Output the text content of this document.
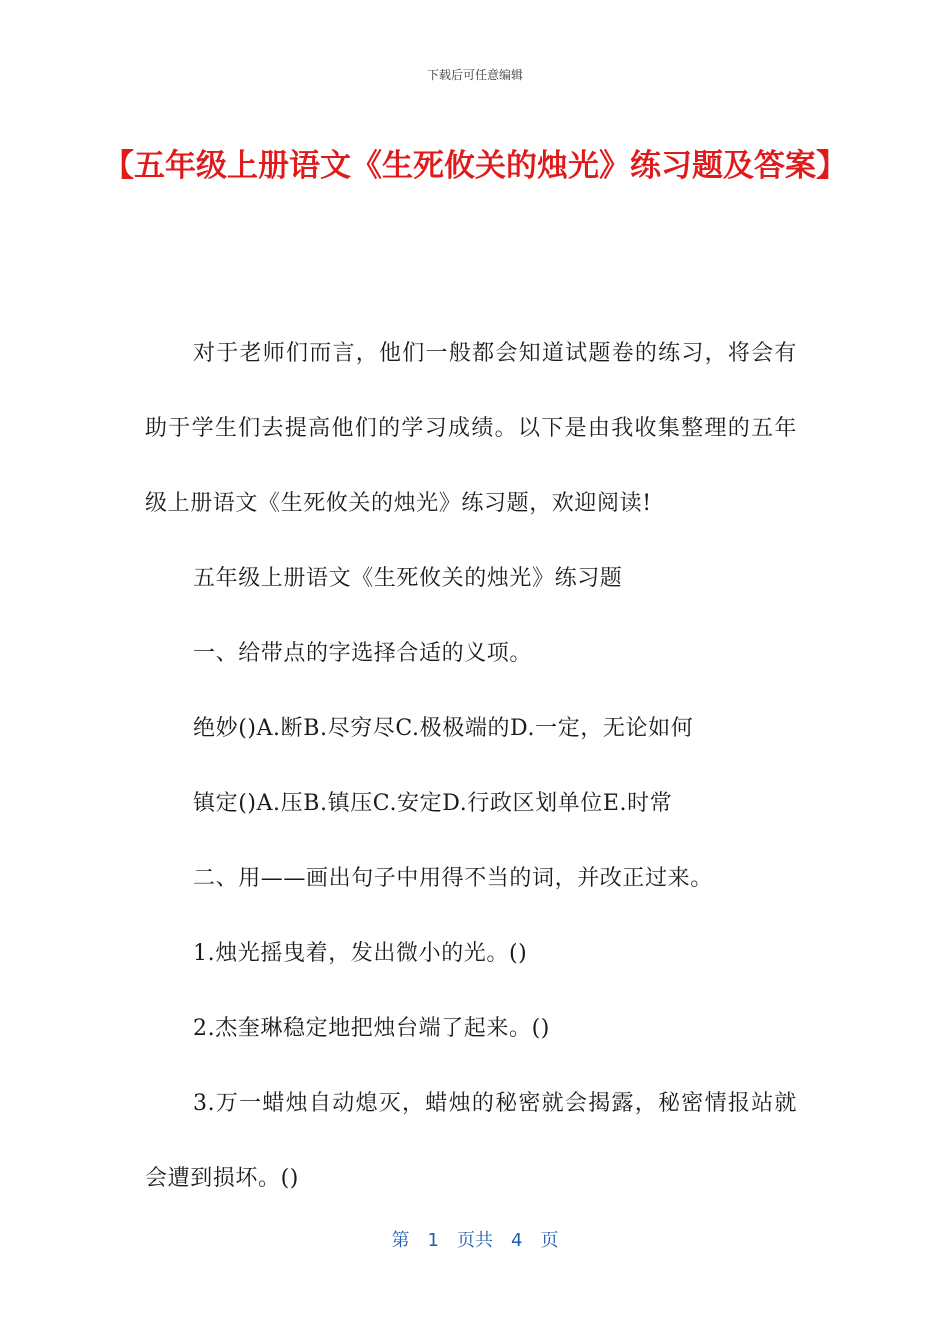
下载后可任意编辑
【五年级上册语文《生死攸关的烛光》练习题及答案】

对于老师们而言，他们一般都会知道试题卷的练习，将会有助于学生们去提高他们的学习成绩。以下是由我收集整理的五年级上册语文《生死攸关的烛光》练习题，欢迎阅读!

五年级上册语文《生死攸关的烛光》练习题

一、给带点的字选择合适的义项。

绝妙()A.断B.尽穷尽C.极极端的D.一定，无论如何

镇定()A.压B.镇压C.安定D.行政区划单位E.时常

二、用——画出句子中用得不当的词，并改正过来。

1.烛光摇曳着，发出微小的光。()

2.杰奎琳稳定地把烛台端了起来。()

3.万一蜡烛自动熄灭，蜡烛的秘密就会揭露，秘密情报站就会遭到损坏。()

第 1 页共 4 页
